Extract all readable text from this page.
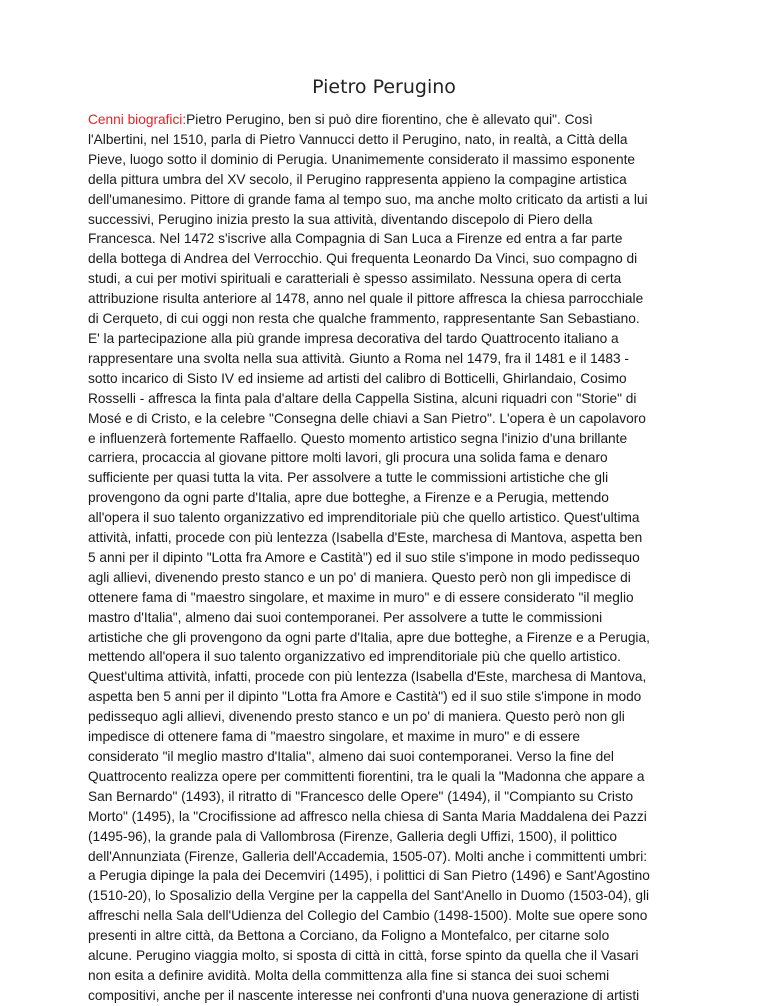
Pietro Perugino
Cenni biografici:Pietro Perugino, ben si può dire fiorentino, che è allevato qui". Così
l'Albertini, nel 1510, parla di Pietro Vannucci detto il Perugino, nato, in realtà, a Città della
Pieve, luogo sotto il dominio di Perugia. Unanimemente considerato il massimo esponente
della pittura umbra del XV secolo, il Perugino rappresenta appieno la compagine artistica
dell'umanesimo. Pittore di grande fama al tempo suo, ma anche molto criticato da artisti a lui
successivi, Perugino inizia presto la sua attività, diventando discepolo di Piero della
Francesca. Nel 1472 s'iscrive alla Compagnia di San Luca a Firenze ed entra a far parte
della bottega di Andrea del Verrocchio. Qui frequenta Leonardo Da Vinci, suo compagno di
studi, a cui per motivi spirituali e caratteriali è spesso assimilato. Nessuna opera di certa
attribuzione risulta anteriore al 1478, anno nel quale il pittore affresca la chiesa parrocchiale
di Cerqueto, di cui oggi non resta che qualche frammento, rappresentante San Sebastiano.
E' la partecipazione alla più grande impresa decorativa del tardo Quattrocento italiano a
rappresentare una svolta nella sua attività. Giunto a Roma nel 1479, fra il 1481 e il 1483 -
sotto incarico di Sisto IV ed insieme ad artisti del calibro di Botticelli, Ghirlandaio, Cosimo
Rosselli - affresca la finta pala d'altare della Cappella Sistina, alcuni riquadri con "Storie" di
Mosé e di Cristo, e la celebre "Consegna delle chiavi a San Pietro". L'opera è un capolavoro
e influenzerà fortemente Raffaello. Questo momento artistico segna l'inizio d'una brillante
carriera, procaccia al giovane pittore molti lavori, gli procura una solida fama e denaro
sufficiente per quasi tutta la vita. Per assolvere a tutte le commissioni artistiche che gli
provengono da ogni parte d'Italia, apre due botteghe, a Firenze e a Perugia, mettendo
all'opera il suo talento organizzativo ed imprenditoriale più che quello artistico. Quest'ultima
attività, infatti, procede con più lentezza (Isabella d'Este, marchesa di Mantova, aspetta ben
5 anni per il dipinto "Lotta fra Amore e Castità") ed il suo stile s'impone in modo pedissequo
agli allievi, divenendo presto stanco e un po' di maniera. Questo però non gli impedisce di
ottenere fama di "maestro singolare, et maxime in muro" e di essere considerato "il meglio
mastro d'Italia", almeno dai suoi contemporanei. Per assolvere a tutte le commissioni
artistiche che gli provengono da ogni parte d'Italia, apre due botteghe, a Firenze e a Perugia,
mettendo all'opera il suo talento organizzativo ed imprenditoriale più che quello artistico.
Quest'ultima attività, infatti, procede con più lentezza (Isabella d'Este, marchesa di Mantova,
aspetta ben 5 anni per il dipinto "Lotta fra Amore e Castità") ed il suo stile s'impone in modo
pedissequo agli allievi, divenendo presto stanco e un po' di maniera. Questo però non gli
impedisce di ottenere fama di "maestro singolare, et maxime in muro" e di essere
considerato "il meglio mastro d'Italia", almeno dai suoi contemporanei. Verso la fine del
Quattrocento realizza opere per committenti fiorentini, tra le quali la "Madonna che appare a
San Bernardo" (1493), il ritratto di "Francesco delle Opere" (1494), il "Compianto su Cristo
Morto" (1495), la "Crocifissione ad affresco nella chiesa di Santa Maria Maddalena dei Pazzi
(1495-96), la grande pala di Vallombrosa (Firenze, Galleria degli Uffizi, 1500), il polittico
dell'Annunziata (Firenze, Galleria dell'Accademia, 1505-07). Molti anche i committenti umbri:
a Perugia dipinge la pala dei Decemviri (1495), i polittici di San Pietro (1496) e Sant'Agostino
(1510-20), lo Sposalizio della Vergine per la cappella del Sant'Anello in Duomo (1503-04), gli
affreschi nella Sala dell'Udienza del Collegio del Cambio (1498-1500). Molte sue opere sono
presenti in altre città, da Bettona a Corciano, da Foligno a Montefalco, per citarne solo
alcune. Perugino viaggia molto, si sposta di città in città, forse spinto da quella che il Vasari
non esita a definire avidità. Molta della committenza alla fine si stanca dei suoi schemi
compositivi, anche per il nascente interesse nei confronti d'una nuova generazione di artisti
